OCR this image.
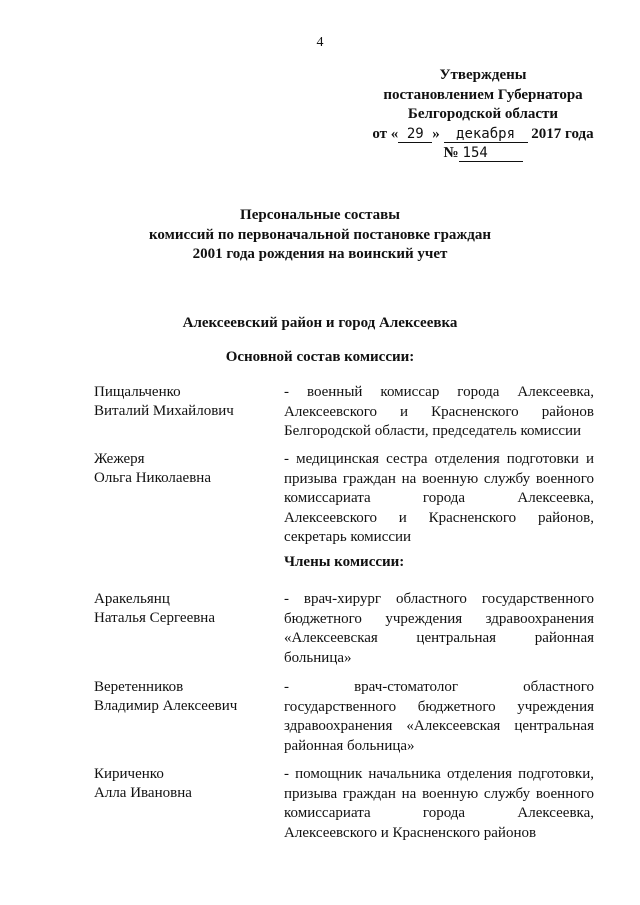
4
Утверждены
постановлением Губернатора
Белгородской области
от « 29 » декабря 2017 года
№ 154
Персональные составы
комиссий по первоначальной постановке граждан
2001 года рождения на воинский учет
Алексеевский район и город Алексеевка
Основной состав комиссии:
Пищальченко
Виталий Михайлович
- военный комиссар города Алексеевка,
Алексеевского и Красненского районов
Белгородской области, председатель комиссии
Жежеря
Ольга Николаевна
- медицинская сестра отделения подготовки и
призыва граждан на военную службу военного
комиссариата города Алексеевка,
Алексеевского и Красненского районов,
секретарь комиссии
Члены комиссии:
Аракельянц
Наталья Сергеевна
- врач-хирург областного государственного
бюджетного учреждения здравоохранения
«Алексеевская центральная районная
больница»
Веретенников
Владимир Алексеевич
- врач-стоматолог областного
государственного бюджетного учреждения
здравоохранения «Алексеевская центральная
районная больница»
Кириченко
Алла Ивановна
- помощник начальника отделения подготовки,
призыва граждан на военную службу военного
комиссариата города Алексеевка,
Алексеевского и Красненского районов
